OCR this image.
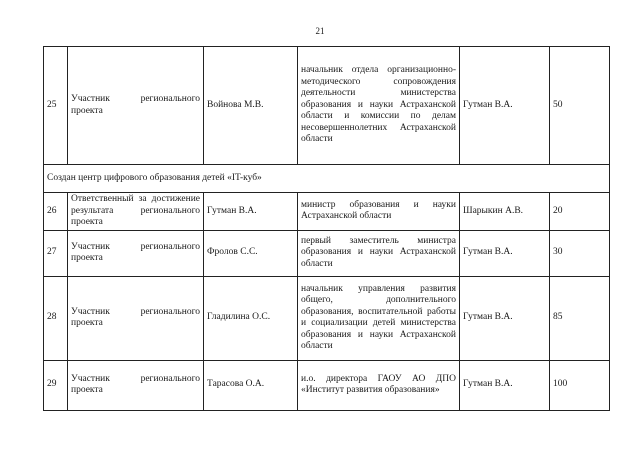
21
25	Участник регионального проекта	Войнова М.В.	начальник отдела организационно-методического сопровождения деятельности министерства образования и науки Астраханской области и комиссии по делам несовершеннолетних Астраханской области	Гутман В.А.	50
Создан центр цифрового образования детей «IT-куб»					
26	Ответственный за достижение результата регионального проекта	Гутман В.А.	министр образования и науки Астраханской области	Шарыкин А.В.	20
27	Участник регионального проекта	Фролов С.С.	первый заместитель министра образования и науки Астраханской области	Гутман В.А.	30
28	Участник регионального проекта	Гладилина О.С.	начальник управления развития общего, дополнительного образования, воспитательной работы и социализации детей министерства образования и науки Астраханской области	Гутман В.А.	85
29	Участник регионального проекта	Тарасова О.А.	и.о. директора ГАОУ АО ДПО «Институт развития образования»	Гутман В.А.	100
